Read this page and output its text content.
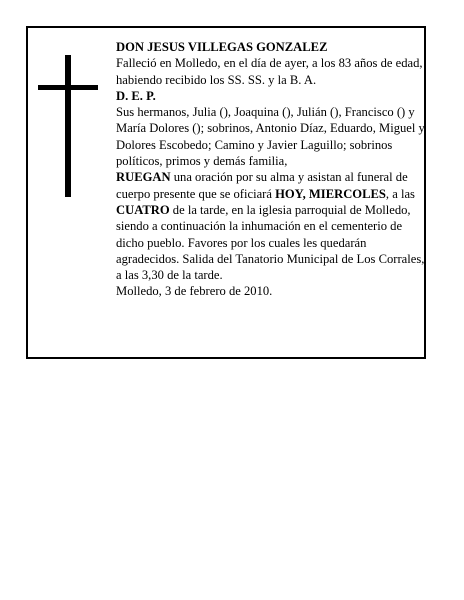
DON JESUS VILLEGAS GONZALEZ

Falleció en Molledo, en el día de ayer, a los 83 años de edad, habiendo recibido los SS. SS. y la B. A.

D. E. P.

Sus hermanos, Julia (), Joaquina (), Julián (), Francisco () y María Dolores (); sobrinos, Antonio Díaz, Eduardo, Miguel y Dolores Escobedo; Camino y Javier Laguillo; sobrinos políticos, primos y demás familia,

RUEGAN una oración por su alma y asistan al funeral de cuerpo presente que se oficiará HOY, MIERCOLES, a las CUATRO de la tarde, en la iglesia parroquial de Molledo, siendo a continuación la inhumación en el cementerio de dicho pueblo. Favores por los cuales les quedarán agradecidos. Salida del Tanatorio Municipal de Los Corrales, a las 3,30 de la tarde.

Molledo, 3 de febrero de 2010.
